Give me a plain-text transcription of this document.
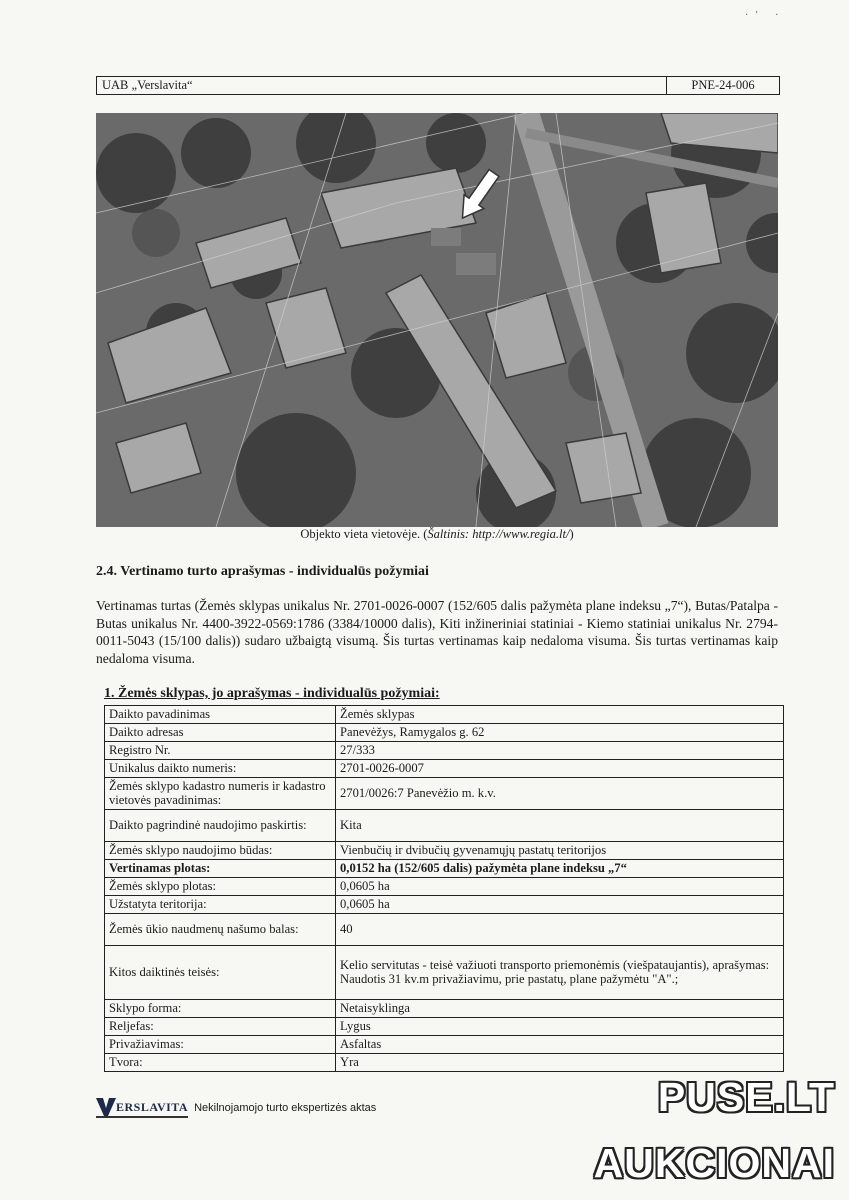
·   '       ·
UAB „Verslavita“	PNE-24-006
Objekto vieta vietovėje. (Šaltinis: http://www.regia.lt/)
2.4. Vertinamo turto aprašymas - individualūs požymiai
Vertinamas turtas (Žemės sklypas unikalus Nr. 2701-0026-0007 (152/605 dalis pažymėta plane indeksu „7“), Butas/Patalpa - Butas unikalus Nr. 4400-3922-0569:1786 (3384/10000 dalis), Kiti inžineriniai statiniai - Kiemo statiniai unikalus Nr. 2794-0011-5043 (15/100 dalis)) sudaro užbaigtą visumą. Šis turtas vertinamas kaip nedaloma visuma. Šis turtas vertinamas kaip nedaloma visuma.
1. Žemės sklypas, jo aprašymas - individualūs požymiai:
Daikto pavadinimas	Žemės sklypas
Daikto adresas	Panevėžys, Ramygalos g. 62
Registro Nr.	27/333
Unikalus daikto numeris:	2701-0026-0007
Žemės sklypo kadastro numeris ir kadastro vietovės pavadinimas:	2701/0026:7 Panevėžio m. k.v.
Daikto pagrindinė naudojimo paskirtis:	Kita
Žemės sklypo naudojimo būdas:	Vienbučių ir dvibučių gyvenamųjų pastatų teritorijos
Vertinamas plotas:	0,0152 ha (152/605 dalis) pažymėta plane indeksu „7“
Žemės sklypo plotas:	0,0605 ha
Užstatyta teritorija:	0,0605 ha
Žemės ūkio naudmenų našumo balas:	40
Kitos daiktinės teisės:	Kelio servitutas - teisė važiuoti transporto priemonėmis (viešpataujantis), aprašymas: Naudotis 31 kv.m privažiavimu, prie pastatų, plane pažymėtu "A".;
Sklypo forma:	Netaisyklinga
Reljefas:	Lygus
Privažiavimas:	Asfaltas
Tvora:	Yra
ERSLAVITA Nekilnojamojo turto ekspertizės aktas	PUSE.LT
AUKCIONAI
